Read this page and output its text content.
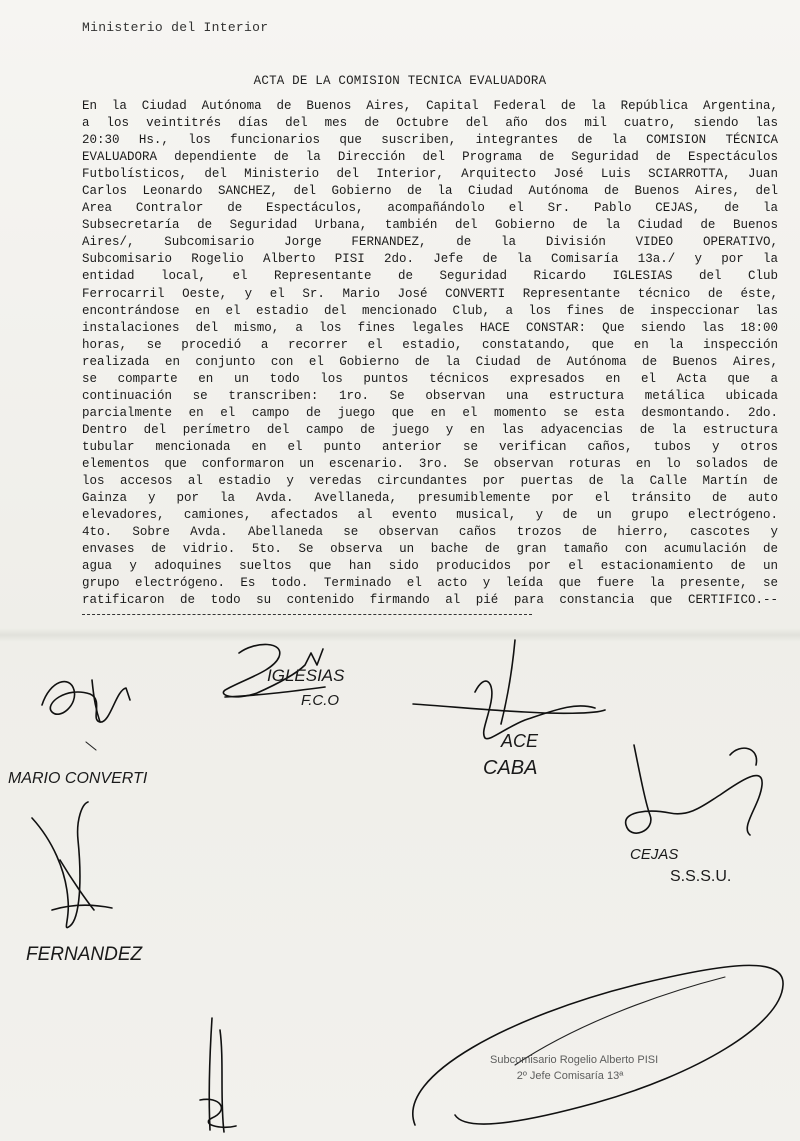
Ministerio del Interior
ACTA DE LA COMISION TECNICA EVALUADORA
En la Ciudad Autónoma de Buenos Aires, Capital Federal de la República Argentina,
a los veintitrés días del mes de Octubre del año dos mil cuatro, siendo las
20:30 Hs., los funcionarios que suscriben, integrantes de la COMISION TÉCNICA
EVALUADORA dependiente de la Dirección del Programa de Seguridad de Espectáculos
Futbolísticos, del Ministerio del Interior, Arquitecto José Luis SCIARROTTA, Juan
Carlos Leonardo SANCHEZ, del Gobierno de la Ciudad Autónoma de Buenos Aires, del
Area Contralor de Espectáculos, acompañándolo el Sr. Pablo CEJAS, de la
Subsecretaría de Seguridad Urbana, también del Gobierno de la Ciudad de Buenos
Aires/, Subcomisario Jorge FERNANDEZ, de la División VIDEO OPERATIVO,
Subcomisario Rogelio Alberto PISI 2do. Jefe de la Comisaría 13a./ y por la
entidad local, el Representante de Seguridad Ricardo IGLESIAS del Club
Ferrocarril Oeste, y el Sr. Mario José CONVERTI Representante técnico de éste,
encontrándose en el estadio del mencionado Club, a los fines de inspeccionar las
instalaciones del mismo, a los fines legales HACE CONSTAR: Que siendo las 18:00
horas, se procedió a recorrer el estadio, constatando, que en la inspección
realizada en conjunto con el Gobierno de la Ciudad de Autónoma de Buenos Aires,
se comparte en un todo los puntos técnicos expresados en el Acta que a
continuación se transcriben: 1ro. Se observan una estructura metálica ubicada
parcialmente en el campo de juego que en el momento se esta desmontando. 2do.
Dentro del perímetro del campo de juego y en las adyacencias de la estructura
tubular mencionada en el punto anterior se verifican caños, tubos y otros
elementos que conformaron un escenario. 3ro. Se observan roturas en lo solados de
los accesos al estadio y veredas circundantes por puertas de la Calle Martín de
Gainza y por la Avda. Avellaneda, presumiblemente por el tránsito de auto
elevadores, camiones, afectados al evento musical, y de un grupo electrógeno.
4to. Sobre Avda. Abellaneda se observan caños trozos de hierro, cascotes y
envases de vidrio. 5to. Se observa un bache de gran tamaño con acumulación de
agua y adoquines sueltos que han sido producidos por el estacionamiento de un
grupo electrógeno. Es todo. Terminado el acto y leída que fuere la presente, se
ratificaron de todo su contenido firmando al pié para constancia que CERTIFICO.--
MARIO CONVERTI
IGLESIAS
F.C.O
ACE
CABA
CEJAS
S.S.S.U.
FERNANDEZ
Subcomisario Rogelio Alberto PISI
2º Jefe Comisaría 13ª
